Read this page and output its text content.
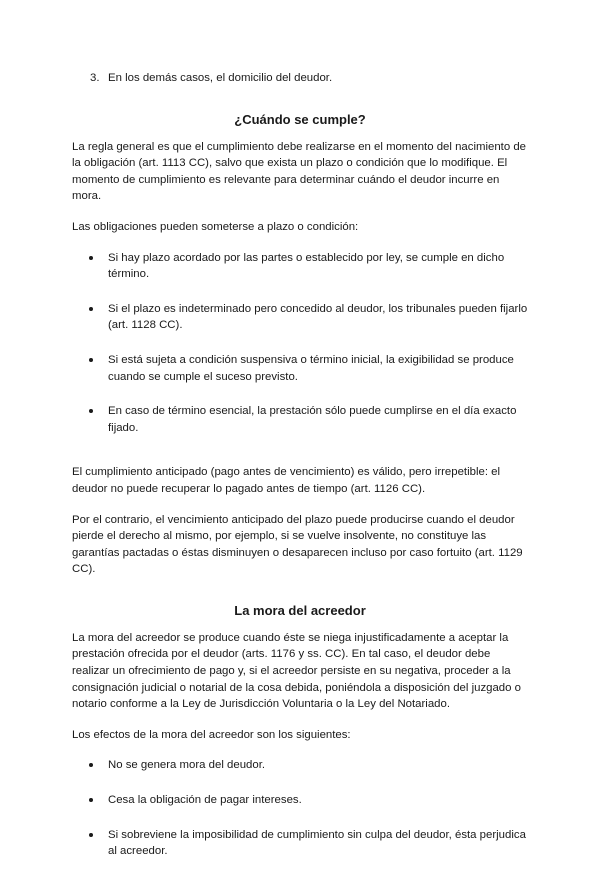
3. En los demás casos, el domicilio del deudor.
¿Cuándo se cumple?

La regla general es que el cumplimiento debe realizarse en el momento del nacimiento de la obligación (art. 1113 CC), salvo que exista un plazo o condición que lo modifique. El momento de cumplimiento es relevante para determinar cuándo el deudor incurre en mora.

Las obligaciones pueden someterse a plazo o condición:

Si hay plazo acordado por las partes o establecido por ley, se cumple en dicho término.
Si el plazo es indeterminado pero concedido al deudor, los tribunales pueden fijarlo (art. 1128 CC).
Si está sujeta a condición suspensiva o término inicial, la exigibilidad se produce cuando se cumple el suceso previsto.
En caso de término esencial, la prestación sólo puede cumplirse en el día exacto fijado.

El cumplimiento anticipado (pago antes de vencimiento) es válido, pero irrepetible: el deudor no puede recuperar lo pagado antes de tiempo (art. 1126 CC).

Por el contrario, el vencimiento anticipado del plazo puede producirse cuando el deudor pierde el derecho al mismo, por ejemplo, si se vuelve insolvente, no constituye las garantías pactadas o éstas disminuyen o desaparecen incluso por caso fortuito (art. 1129 CC).

La mora del acreedor

La mora del acreedor se produce cuando éste se niega injustificadamente a aceptar la prestación ofrecida por el deudor (arts. 1176 y ss. CC). En tal caso, el deudor debe realizar un ofrecimiento de pago y, si el acreedor persiste en su negativa, proceder a la consignación judicial o notarial de la cosa debida, poniéndola a disposición del juzgado o notario conforme a la Ley de Jurisdicción Voluntaria o la Ley del Notariado.

Los efectos de la mora del acreedor son los siguientes:

No se genera mora del deudor.
Cesa la obligación de pagar intereses.
Si sobreviene la imposibilidad de cumplimiento sin culpa del deudor, ésta perjudica al acreedor.
